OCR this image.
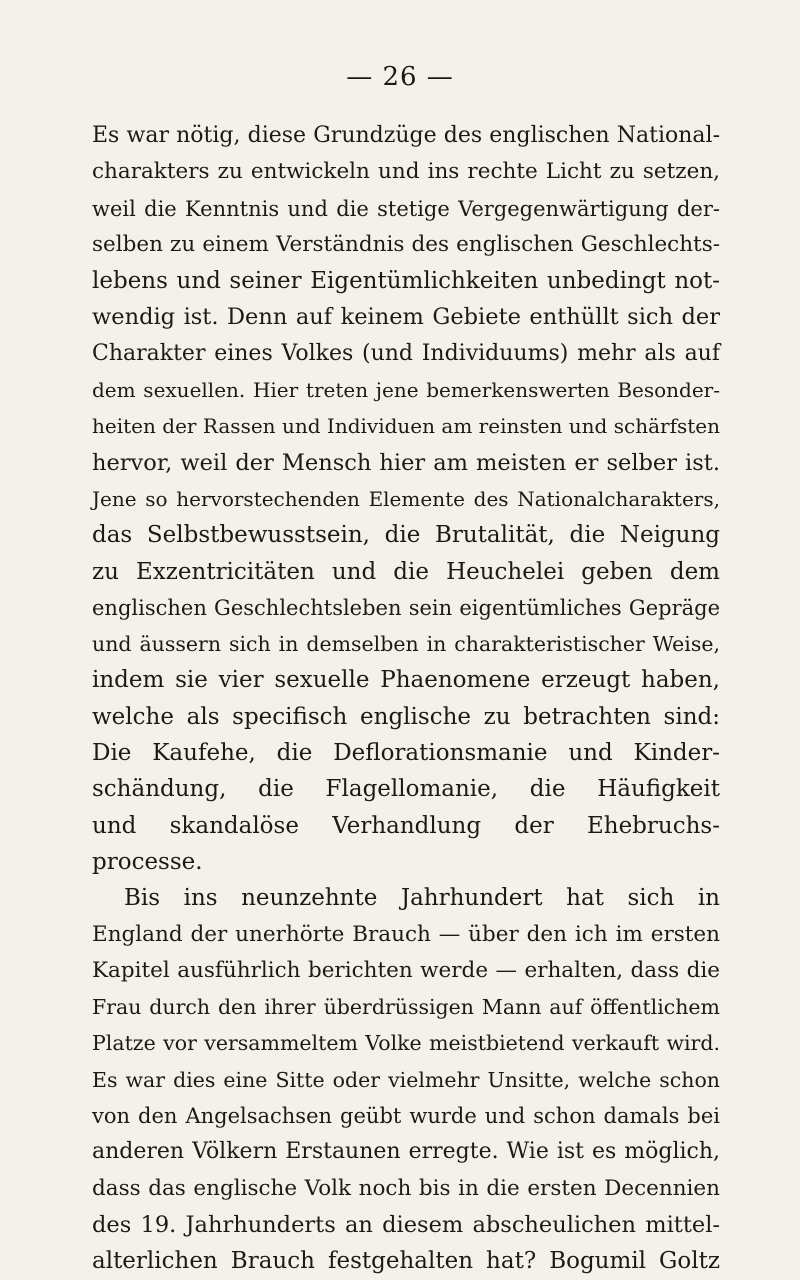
— 26 —
Es war nötig, diese Grundzüge des englischen National-
charakters zu entwickeln und ins rechte Licht zu setzen,
weil die Kenntnis und die stetige Vergegenwärtigung der-
selben zu einem Verständnis des englischen Geschlechts-
lebens und seiner Eigentümlichkeiten unbedingt not-
wendig ist. Denn auf keinem Gebiete enthüllt sich der
Charakter eines Volkes (und Individuums) mehr als auf
dem sexuellen. Hier treten jene bemerkenswerten Besonder-
heiten der Rassen und Individuen am reinsten und schärfsten
hervor, weil der Mensch hier am meisten er selber ist.
Jene so hervorstechenden Elemente des Nationalcharakters,
das Selbstbewusstsein, die Brutalität, die Neigung
zu Exzentricitäten und die Heuchelei geben dem
englischen Geschlechtsleben sein eigentümliches Gepräge
und äussern sich in demselben in charakteristischer Weise,
indem sie vier sexuelle Phaenomene erzeugt haben,
welche als specifisch englische zu betrachten sind:
Die Kaufehe, die Deflorationsmanie und Kinder-
schändung, die Flagellomanie, die Häufigkeit
und skandalöse Verhandlung der Ehebruchs-
processe.
Bis ins neunzehnte Jahrhundert hat sich in
England der unerhörte Brauch — über den ich im ersten
Kapitel ausführlich berichten werde — erhalten, dass die
Frau durch den ihrer überdrüssigen Mann auf öffentlichem
Platze vor versammeltem Volke meistbietend verkauft wird.
Es war dies eine Sitte oder vielmehr Unsitte, welche schon
von den Angelsachsen geübt wurde und schon damals bei
anderen Völkern Erstaunen erregte. Wie ist es möglich,
dass das englische Volk noch bis in die ersten Decennien
des 19. Jahrhunderts an diesem abscheulichen mittel-
alterlichen Brauch festgehalten hat? Bogumil Goltz
